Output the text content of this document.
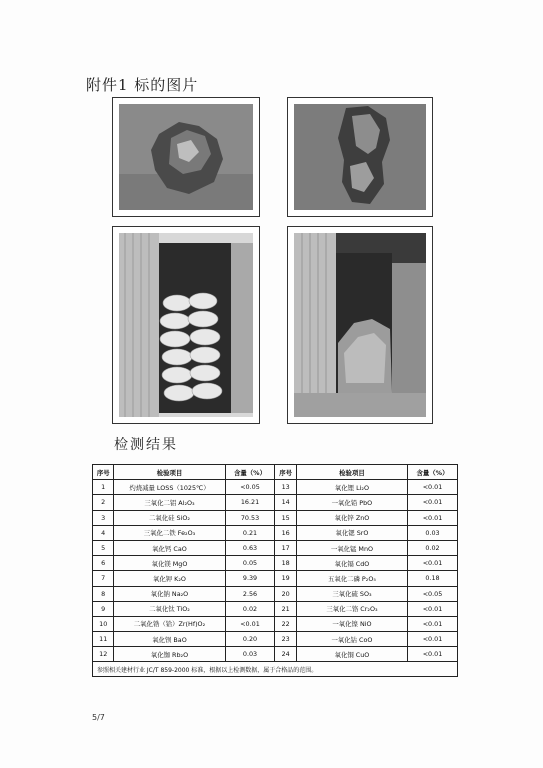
附件1 标的图片
检测结果
序号	检验项目	含量（%）	序号	检验项目	含量（%）
1	灼烧减量 LOSS（1025℃）	<0.05	13	氧化锂 Li₂O	<0.01
2	三氧化二铝 Al₂O₃	16.21	14	一氧化铅 PbO	<0.01
3	二氧化硅 SiO₂	70.53	15	氧化锌 ZnO	<0.01
4	三氧化二铁 Fe₂O₃	0.21	16	氧化锶 SrO	0.03
5	氧化钙 CaO	0.63	17	一氧化锰 MnO	0.02
6	氧化镁 MgO	0.05	18	氧化镉 CdO	<0.01
7	氧化钾 K₂O	9.39	19	五氧化二磷 P₂O₅	0.18
8	氧化钠 Na₂O	2.56	20	三氧化硫 SO₃	<0.05
9	二氧化钛 TiO₂	0.02	21	三氧化二铬 Cr₂O₃	<0.01
10	二氧化锆（铪）Zr(Hf)O₂	<0.01	22	一氧化镍 NiO	<0.01
11	氧化钡 BaO	0.20	23	一氧化钴 CoO	<0.01
12	氧化铷 Rb₂O	0.03	24	氧化铜 CuO	<0.01
参照相关建材行业 JC/T 859-2000 标准，根据以上检测数据，属于合格品的范围。					
5/7
